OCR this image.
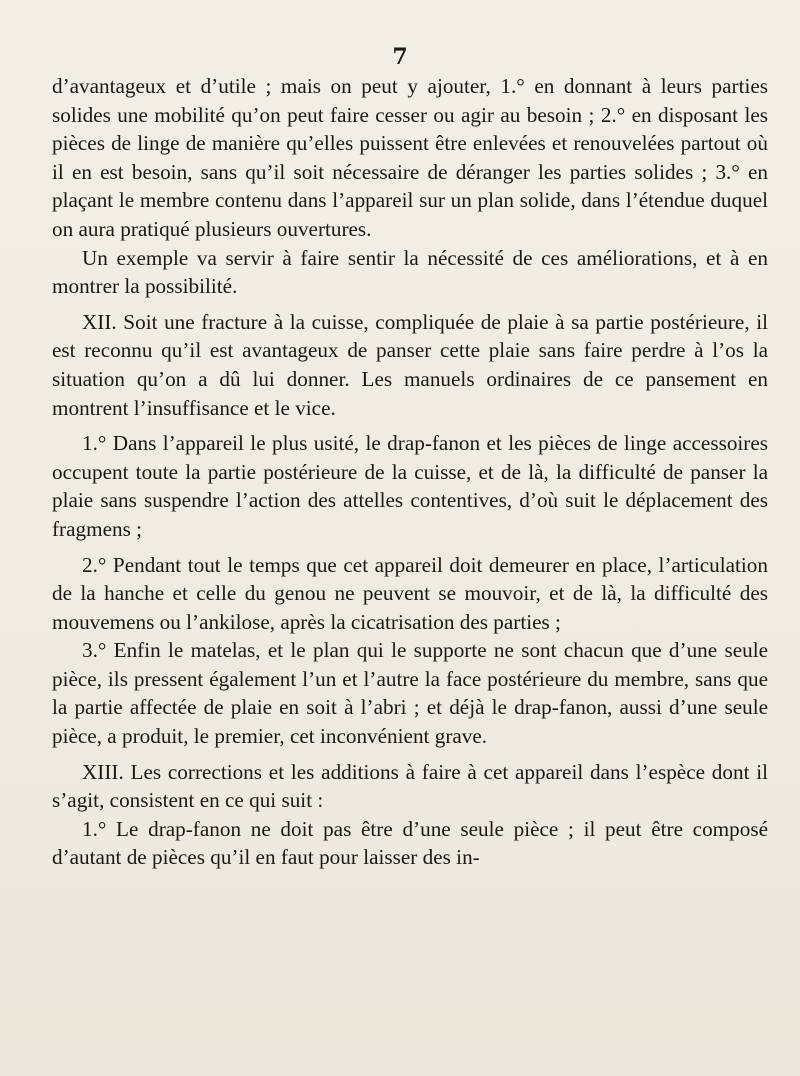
7

d’avantageux et d’utile ; mais on peut y ajouter, 1.° en donnant à leurs parties solides une mobilité qu’on peut faire cesser ou agir au besoin ; 2.° en disposant les pièces de linge de manière qu’elles puissent être enlevées et renouvelées partout où il en est besoin, sans qu’il soit nécessaire de déranger les parties solides ; 3.° en plaçant le membre contenu dans l’appareil sur un plan solide, dans l’étendue duquel on aura pratiqué plusieurs ouvertures.

Un exemple va servir à faire sentir la nécessité de ces améliorations, et à en montrer la possibilité.

XII. Soit une fracture à la cuisse, compliquée de plaie à sa partie postérieure, il est reconnu qu’il est avantageux de panser cette plaie sans faire perdre à l’os la situation qu’on a dû lui donner. Les manuels ordinaires de ce pansement en montrent l’insuffisance et le vice.

1.° Dans l’appareil le plus usité, le drap-fanon et les pièces de linge accessoires occupent toute la partie postérieure de la cuisse, et de là, la difficulté de panser la plaie sans suspendre l’action des attelles contentives, d’où suit le déplacement des fragmens ;

2.° Pendant tout le temps que cet appareil doit demeurer en place, l’articulation de la hanche et celle du genou ne peuvent se mouvoir, et de là, la difficulté des mouvemens ou l’ankilose, après la cicatrisation des parties ;

3.° Enfin le matelas, et le plan qui le supporte ne sont chacun que d’une seule pièce, ils pressent également l’un et l’autre la face postérieure du membre, sans que la partie affectée de plaie en soit à l’abri ; et déjà le drap-fanon, aussi d’une seule pièce, a produit, le premier, cet inconvénient grave.

XIII. Les corrections et les additions à faire à cet appareil dans l’espèce dont il s’agit, consistent en ce qui suit :

1.° Le drap-fanon ne doit pas être d’une seule pièce ; il peut être composé d’autant de pièces qu’il en faut pour laisser des in-
